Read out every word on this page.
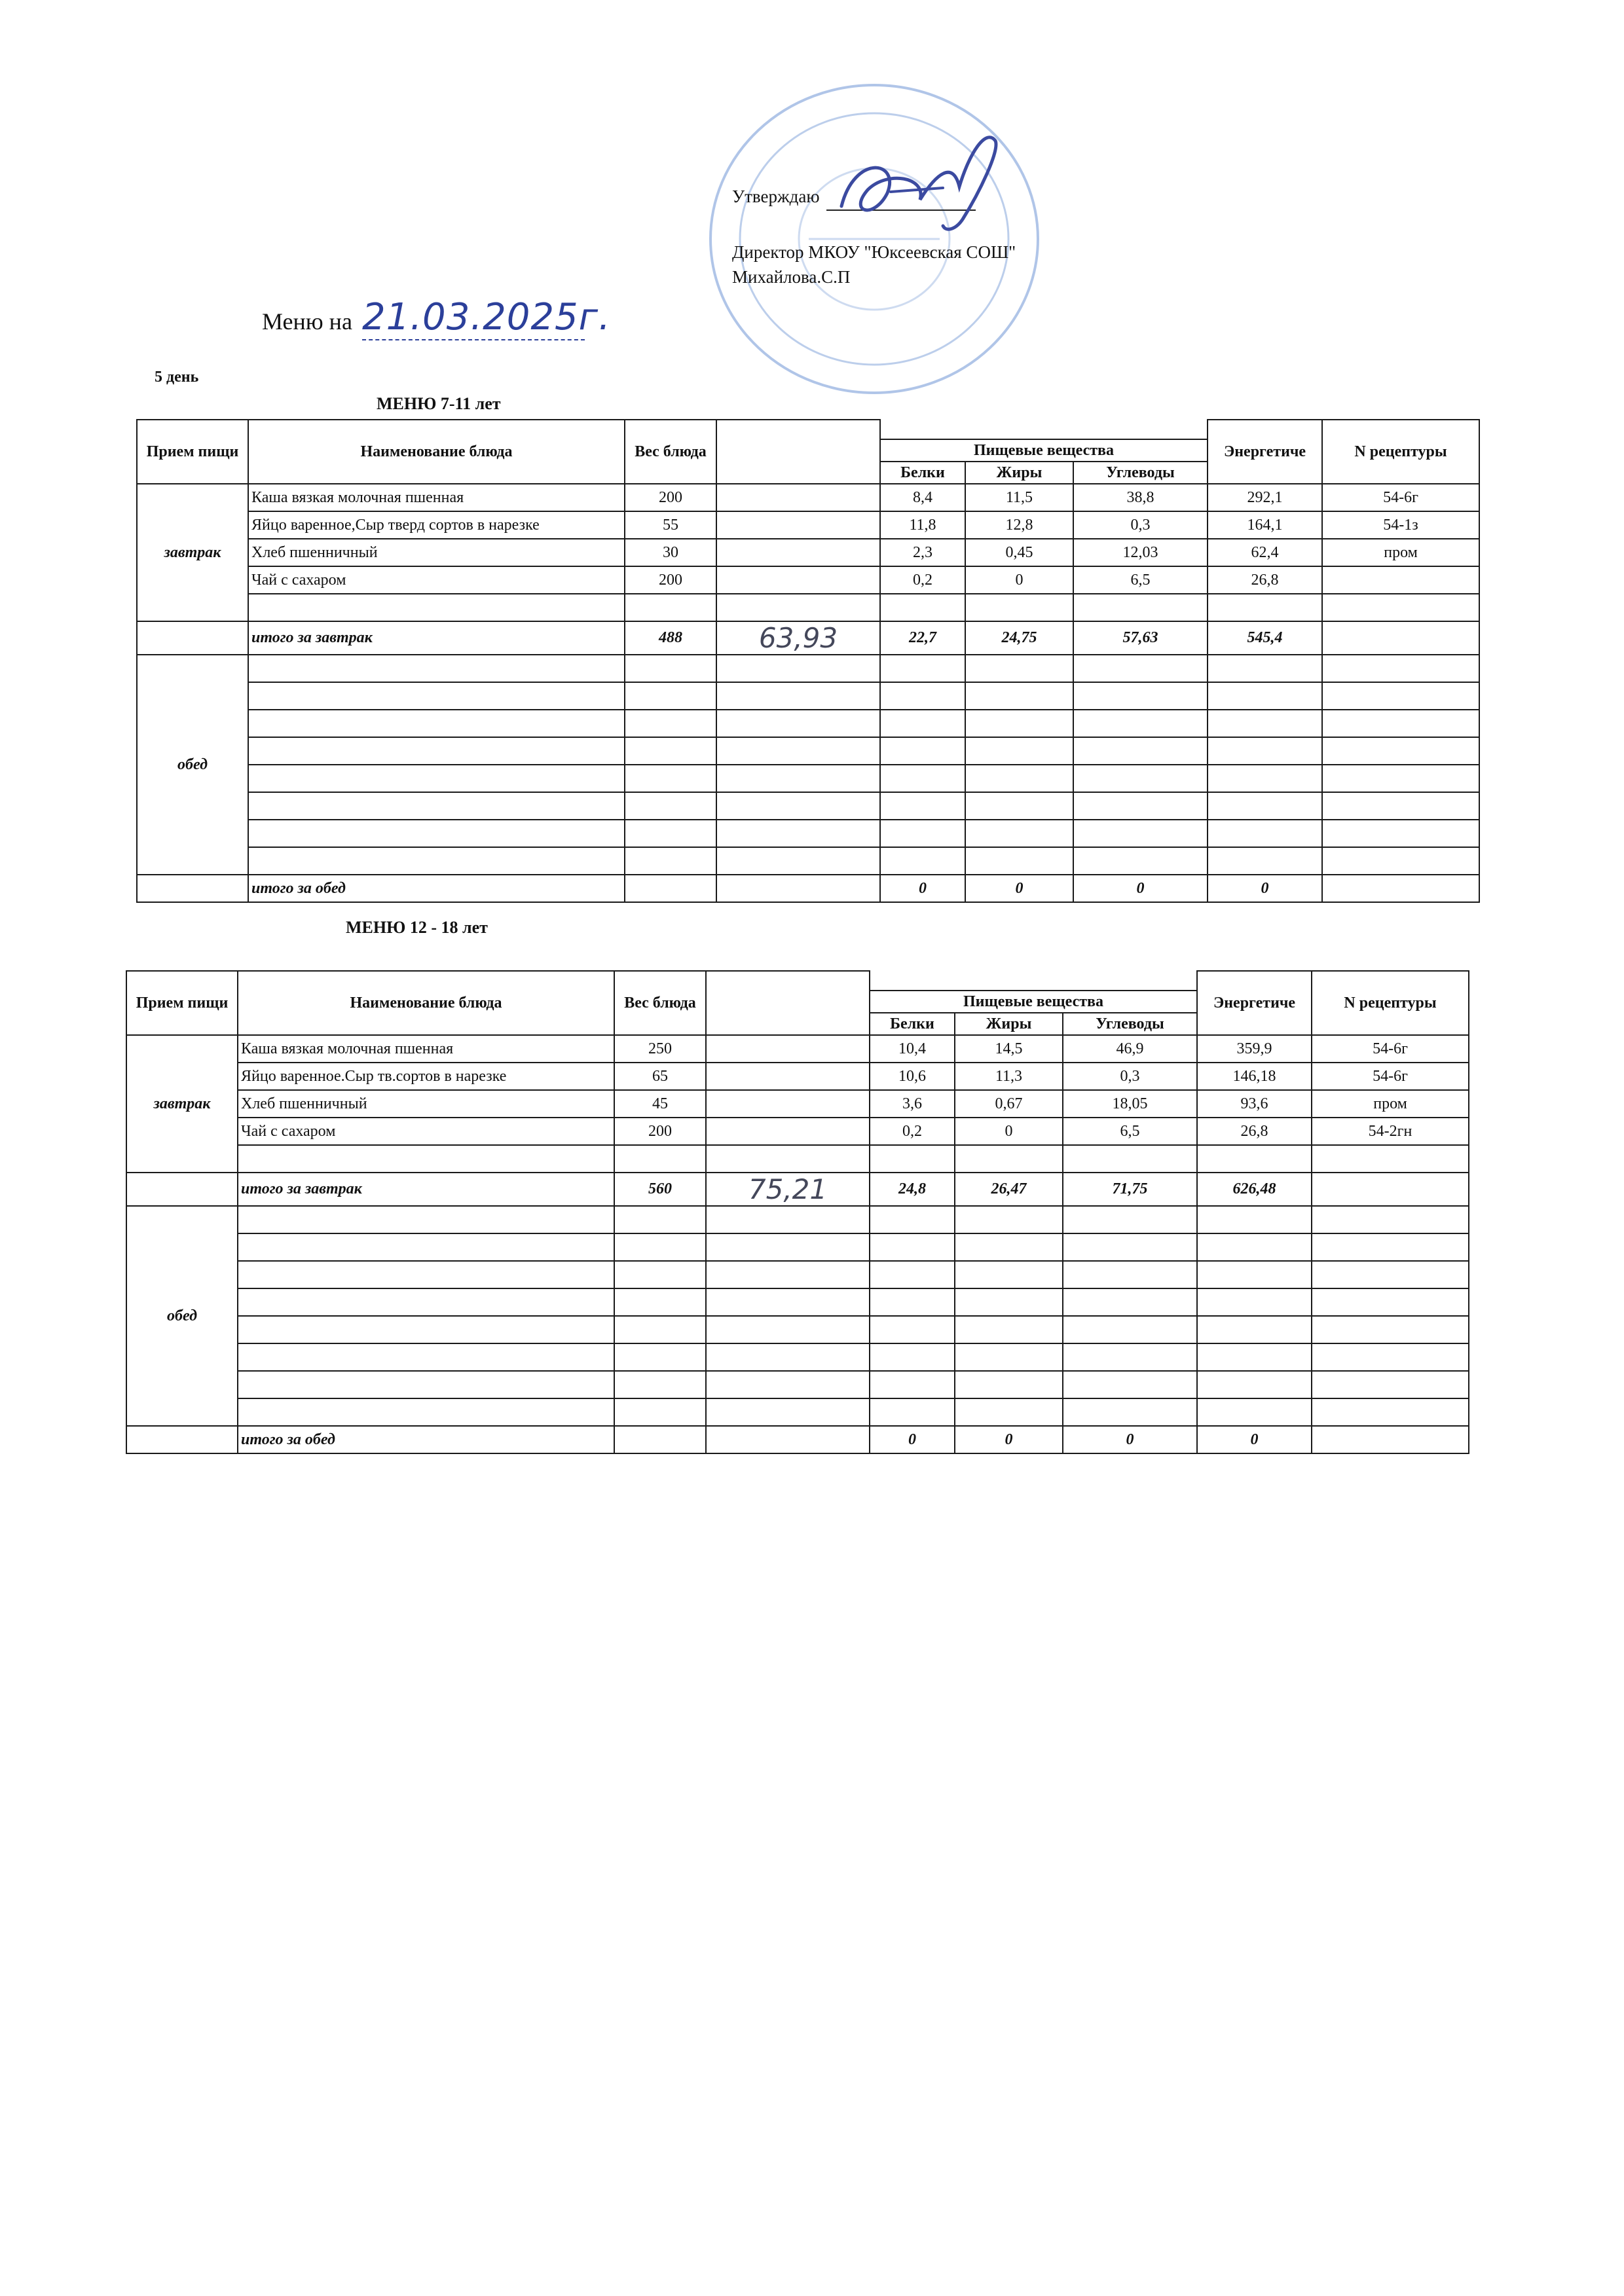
Утверждаю
Директор МКОУ "Юксеевская СОШ"
Михайлова.С.П
Меню на 21.03.2025г.
5 день
МЕНЮ 7-11 лет
МЕНЮ 12 - 18 лет
Прием пищи	Наименование блюда	Вес блюда					Энергетиче	N рецептуры
				Пищевые вещества				
				Белки	Жиры	Углеводы		
завтрак	Каша вязкая молочная пшенная	200		8,4	11,5	38,8	292,1	54-6г
	Яйцо варенное,Сыр тверд сортов в нарезке	55		11,8	12,8	0,3	164,1	54-1з
	Хлеб пшенничный	30		2,3	0,45	12,03	62,4	пром
	Чай с сахаром	200		0,2	0	6,5	26,8	

	итого за завтрак	488	63,93	22,7	24,75	57,63	545,4	
обед								

	итого за обед			0	0	0	0	
Прием пищи	Наименование блюда	Вес блюда					Энергетиче	N рецептуры
				Пищевые вещества				
				Белки	Жиры	Углеводы		
завтрак	Каша вязкая молочная пшенная	250		10,4	14,5	46,9	359,9	54-6г
	Яйцо варенное.Сыр тв.сортов в нарезке	65		10,6	11,3	0,3	146,18	54-6г
	Хлеб пшенничный	45		3,6	0,67	18,05	93,6	пром
	Чай с сахаром	200		0,2	0	6,5	26,8	54-2гн

	итого за завтрак	560	75,21	24,8	26,47	71,75	626,48	
обед								

	итого за обед			0	0	0	0	
